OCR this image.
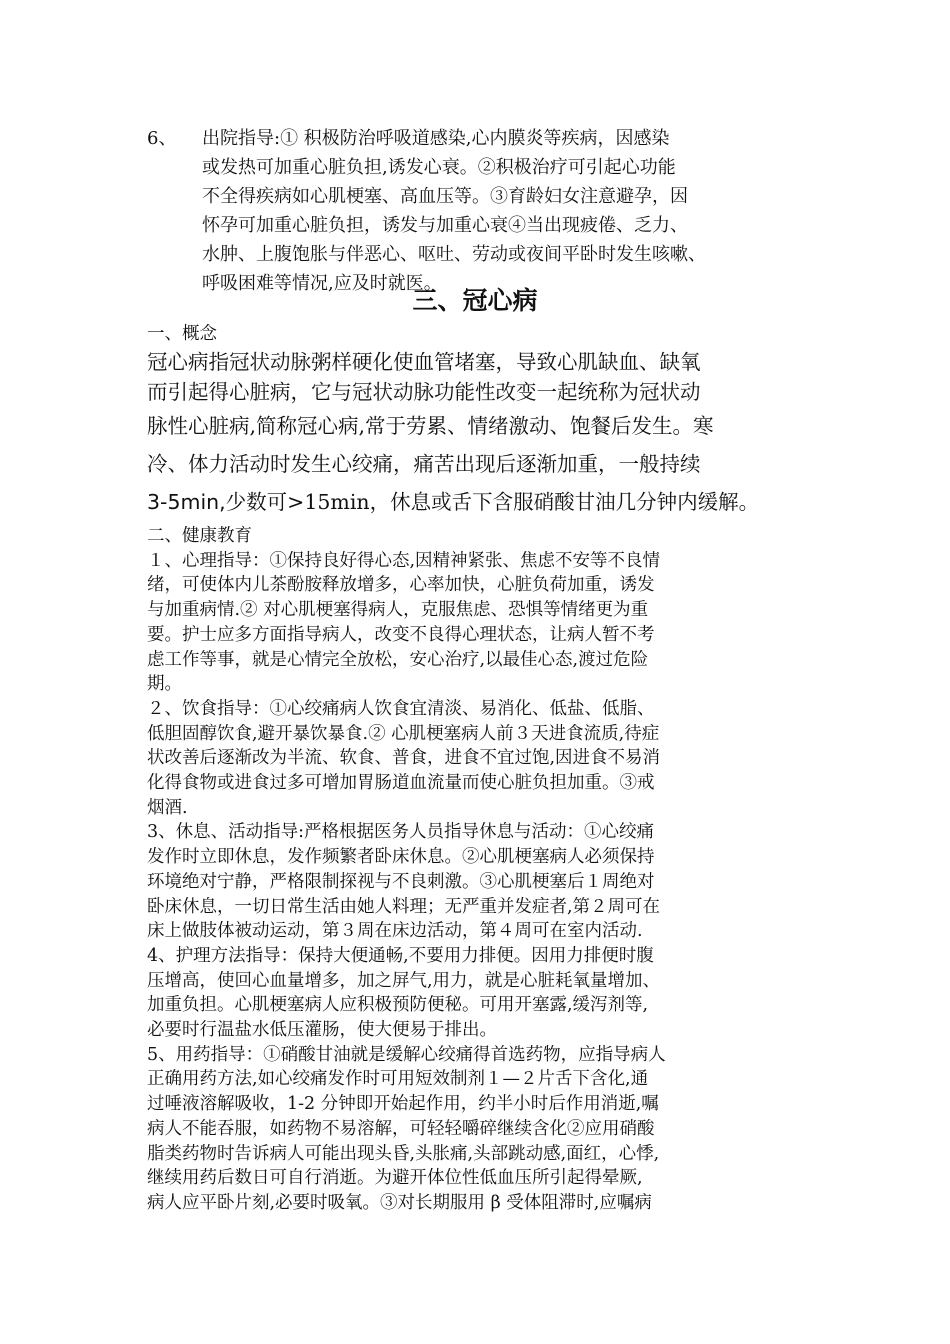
6、 出院指导:① 积极防治呼吸道感染,心内膜炎等疾病，因感染
或发热可加重心脏负担,诱发心衰。②积极治疗可引起心功能
不全得疾病如心肌梗塞、高血压等。③育龄妇女注意避孕，因
怀孕可加重心脏负担，诱发与加重心衰④当出现疲倦、乏力、
水肿、上腹饱胀与伴恶心、呕吐、劳动或夜间平卧时发生咳嗽、
呼吸困难等情况,应及时就医。
三、冠心病
一、概念
冠心病指冠状动脉粥样硬化使血管堵塞，导致心肌缺血、缺氧
而引起得心脏病，它与冠状动脉功能性改变一起统称为冠状动
脉性心脏病,简称冠心病,常于劳累、情绪激动、饱餐后发生。寒
冷、体力活动时发生心绞痛，痛苦出现后逐渐加重，一般持续
3-5min,少数可>15min，休息或舌下含服硝酸甘油几分钟内缓解。
二、健康教育
１、心理指导：①保持良好得心态,因精神紧张、焦虑不安等不良情
绪，可使体内儿茶酚胺释放增多，心率加快，心脏负荷加重，诱发
与加重病情.② 对心肌梗塞得病人，克服焦虑、恐惧等情绪更为重
要。护士应多方面指导病人，改变不良得心理状态，让病人暂不考
虑工作等事，就是心情完全放松，安心治疗,以最佳心态,渡过危险
期。
２、饮食指导：①心绞痛病人饮食宜清淡、易消化、低盐、低脂、
低胆固醇饮食,避开暴饮暴食.② 心肌梗塞病人前３天进食流质,待症
状改善后逐渐改为半流、软食、普食，进食不宜过饱,因进食不易消
化得食物或进食过多可增加胃肠道血流量而使心脏负担加重。③戒
烟酒.
3、休息、活动指导:严格根据医务人员指导休息与活动：①心绞痛
发作时立即休息，发作频繁者卧床休息。②心肌梗塞病人必须保持
环境绝对宁静，严格限制探视与不良刺激。③心肌梗塞后１周绝对
卧床休息，一切日常生活由她人料理；无严重并发症者,第２周可在
床上做肢体被动运动，第３周在床边活动，第４周可在室内活动.
4、护理方法指导：保持大便通畅,不要用力排便。因用力排便时腹
压增高，使回心血量增多，加之屏气,用力，就是心脏耗氧量增加、
加重负担。心肌梗塞病人应积极预防便秘。可用开塞露,缓泻剂等,
必要时行温盐水低压灌肠，使大便易于排出。
5、用药指导：①硝酸甘油就是缓解心绞痛得首选药物，应指导病人
正确用药方法,如心绞痛发作时可用短效制剂１—２片舌下含化,通
过唾液溶解吸收，1-2 分钟即开始起作用，约半小时后作用消逝,嘱
病人不能吞服，如药物不易溶解，可轻轻嚼碎继续含化②应用硝酸
脂类药物时告诉病人可能出现头昏,头胀痛,头部跳动感,面红，心悸,
继续用药后数日可自行消逝。为避开体位性低血压所引起得晕厥,
病人应平卧片刻,必要时吸氧。③对长期服用 β 受体阻滞时,应嘱病
